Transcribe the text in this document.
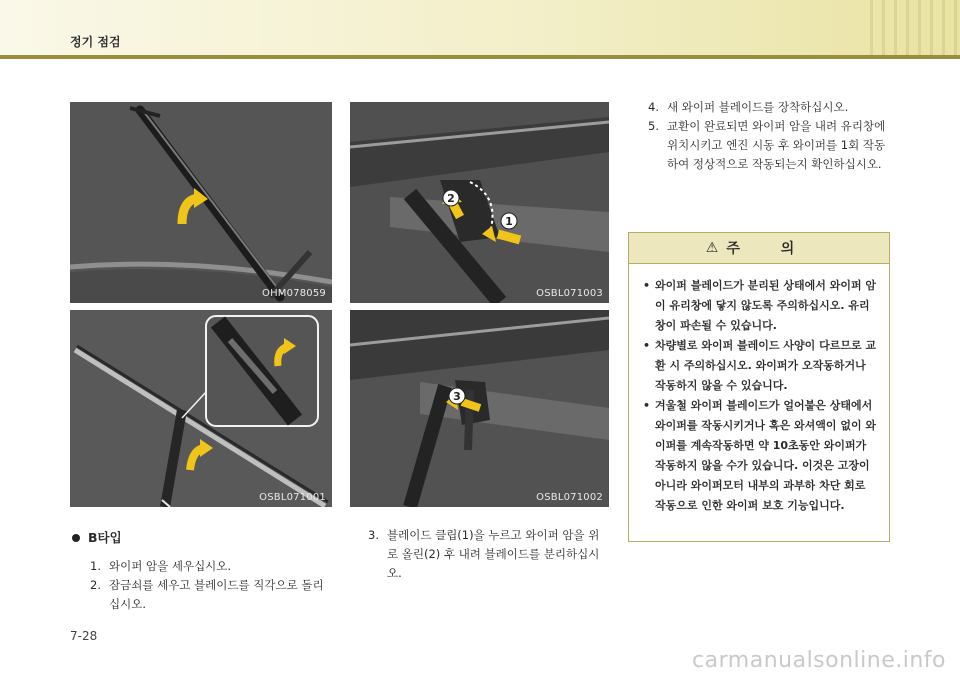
정기 점검
OHM078059
1
2
OSBL071003
OSBL071001
3
OSBL071002
B타입
1. 와이퍼 암을 세우십시오.
2. 잠금쇠를 세우고 블레이드를 직각으로 돌리십시오.
3. 블레이드 클립(1)을 누르고 와이퍼 암을 위로 올린(2) 후 내려 블레이드를 분리하십시오.
4. 새 와이퍼 블레이드를 장착하십시오.
5. 교환이 완료되면 와이퍼 암을 내려 유리창에 위치시키고 엔진 시동 후 와이퍼를 1회 작동하여 정상적으로 작동되는지 확인하십시오.
⚠ 주 의
• 와이퍼 블레이드가 분리된 상태에서 와이퍼 암이 유리창에 닿지 않도록 주의하십시오. 유리창이 파손될 수 있습니다.
• 차량별로 와이퍼 블레이드 사양이 다르므로 교환 시 주의하십시오. 와이퍼가 오작동하거나 작동하지 않을 수 있습니다.
• 겨울철 와이퍼 블레이드가 얼어붙은 상태에서 와이퍼를 작동시키거나 혹은 와셔액이 없이 와이퍼를 계속작동하면 약 10초동안 와이퍼가 작동하지 않을 수가 있습니다. 이것은 고장이 아니라 와이퍼모터 내부의 과부하 차단 회로 작동으로 인한 와이퍼 보호 기능입니다.
7-28
carmanualsonline.info
